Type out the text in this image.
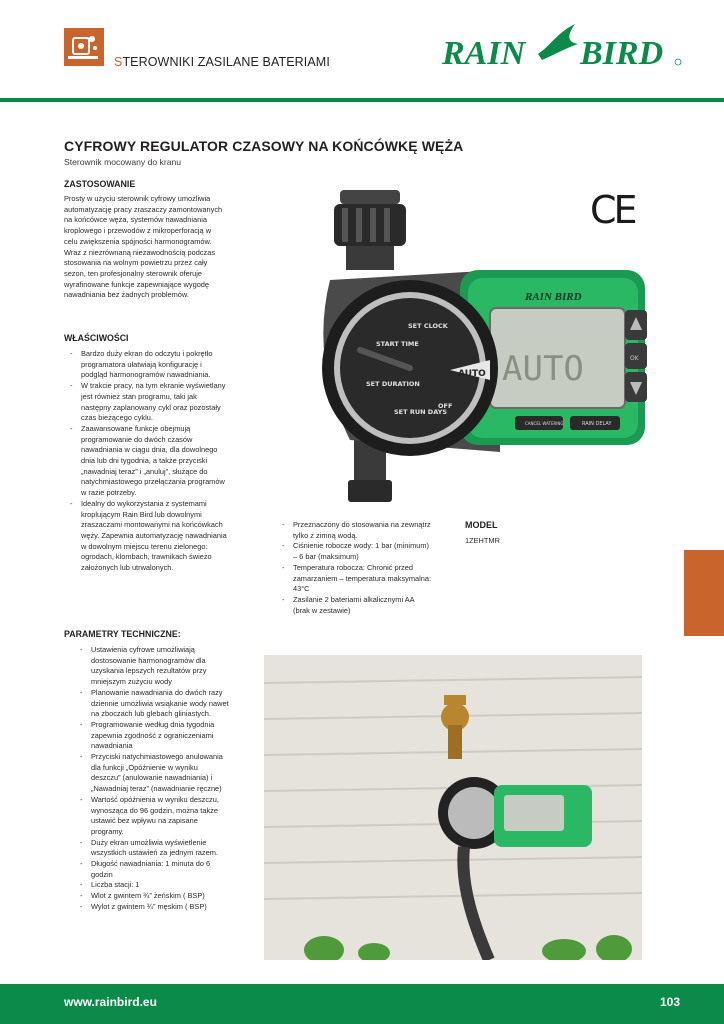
STEROWNIKI ZASILANE BATERIAMI	RAIN BIRD
CYFROWY REGULATOR CZASOWY NA KOŃCÓWKĘ WĘŻA
Sterownik mocowany do kranu
ZASTOSOWANIE
Prosty w użyciu sterownik cyfrowy umożliwia
automatyzację pracy zraszaczy zamontowanych
na końcówce węża, systemów nawadniania
kroplowego i przewodów z mikroperforacją w
celu zwiększenia spójności harmonogramów.
Wraz z niezrównaną niezawodnością podczas
stosowania na wolnym powietrzu przez cały
sezon, ten profesjonalny sterownik oferuje
wyrafinowane funkcje zapewniające wygodę
nawadniania bez żadnych problemów.
WŁAŚCIWOŚCI
- Bardzo duży ekran do odczytu i pokrętło
programatora ułatwiają konfigurację i
podgląd harmonogramów nawadniania.
- W trakcie pracy, na tym ekranie wyświetlany
jest również stan programu, taki jak
następny zaplanowany cykl oraz pozostały
czas bieżącego cyklu.
- Zaawansowane funkcje obejmują
programowanie do dwóch czasów
nawadniania w ciągu dnia, dla dowolnego
dnia lub dni tygodnia, a także przyciski
„nawadniaj teraz” i „anuluj”, służące do
natychmiastowego przełączania programów
w razie potrzeby.
- Idealny do wykorzystania z systemami
kroplującym Rain Bird lub dowolnymi
zraszaczami montowanymi na końcówkach
węży. Zapewnia automatyzację nawadniania
w dowolnym miejscu terenu zielonego:
ogrodach, klombach, trawnikach świeżo
założonych lub utrwalonych.
PARAMETRY TECHNICZNE:
- Ustawienia cyfrowe umożliwiają
dostosowanie harmonogramów dla
uzyskania lepszych rezultatów przy
mniejszym zużyciu wody
- Planowanie nawadniania do dwóch razy
dziennie umożliwia wsiąkanie wody nawet
na zboczach lub glebach gliniastych.
- Programowanie według dnia tygodnia
zapewnia zgodność z ograniczeniami
nawadniania
- Przyciski natychmiastowego anulowania
dla funkcji „Opóźnienie w wyniku
deszczu” (anulowanie nawadniania) i
„Nawadniaj teraz” (nawadnianie ręczne)
- Wartość opóźnienia w wyniku deszczu,
wynosząca do 96 godzin, można także
ustawić bez wpływu na zapisane
programy.
- Duży ekran umożliwia wyświetlenie
wszystkich ustawień za jednym razem.
- Długość nawadniania: 1 minuta do 6
godzin
- Liczba stacji: 1
- Wlot z gwintem ¾” żeńskim ( BSP)
- Wylot z gwintem ¾” męskim ( BSP)
- Przeznaczony do stosowania na zewnątrz
tylko z zimną wodą.
- Ciśnienie robocze wody: 1 bar (minimum)
– 6 bar (maksimum)
- Temperatura robocza: Chronić przed
zamarzaniem – temperatura maksymalna:
43°C
- Zasilanie 2 bateriami alkalicznymi AA
(brak w zestawie)
MODEL
1ZEHTMR
CE
RAIN BIRD
AUTO	OK
CANCEL WATERING	RAIN DELAY
AUTO
SET CLOCK
START TIME
SET DURATION
SET RUN DAYS
OFF
www.rainbird.eu	103
